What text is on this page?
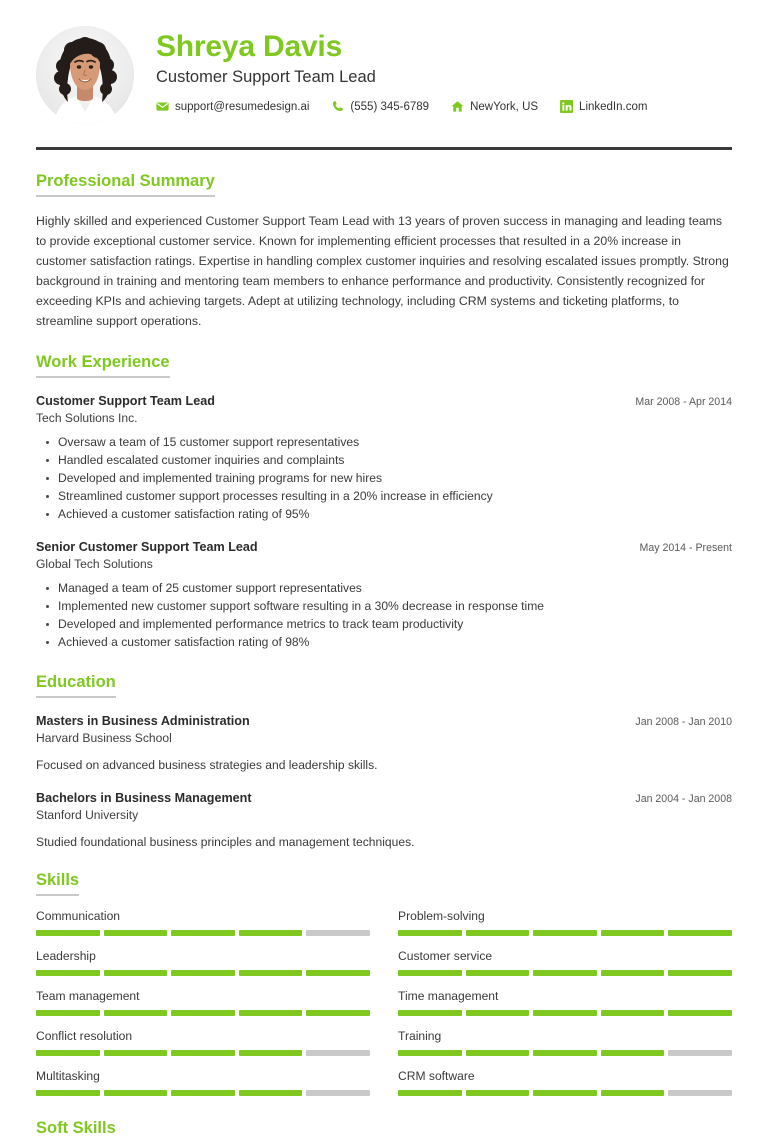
Shreya Davis
Customer Support Team Lead
support@resumedesign.ai	(555) 345-6789	NewYork, US	LinkedIn.com
Professional Summary

Highly skilled and experienced Customer Support Team Lead with 13 years of proven success in managing and leading teams to provide exceptional customer service. Known for implementing efficient processes that resulted in a 20% increase in customer satisfaction ratings. Expertise in handling complex customer inquiries and resolving escalated issues promptly. Strong background in training and mentoring team members to enhance performance and productivity. Consistently recognized for exceeding KPIs and achieving targets. Adept at utilizing technology, including CRM systems and ticketing platforms, to streamline support operations.

Work Experience
Customer Support Team Lead	Mar 2008 - Apr 2014
Tech Solutions Inc.
Oversaw a team of 15 customer support representatives
Handled escalated customer inquiries and complaints
Developed and implemented training programs for new hires
Streamlined customer support processes resulting in a 20% increase in efficiency
Achieved a customer satisfaction rating of 95%
Senior Customer Support Team Lead	May 2014 - Present
Global Tech Solutions
Managed a team of 25 customer support representatives
Implemented new customer support software resulting in a 30% decrease in response time
Developed and implemented performance metrics to track team productivity
Achieved a customer satisfaction rating of 98%
Education
Masters in Business Administration	Jan 2008 - Jan 2010
Harvard Business School
Focused on advanced business strategies and leadership skills.
Bachelors in Business Management	Jan 2004 - Jan 2008
Stanford University
Studied foundational business principles and management techniques.
Skills
Communication	Problem-solving
Leadership	Customer service
Team management	Time management
Conflict resolution	Training
Multitasking	CRM software
Soft Skills
